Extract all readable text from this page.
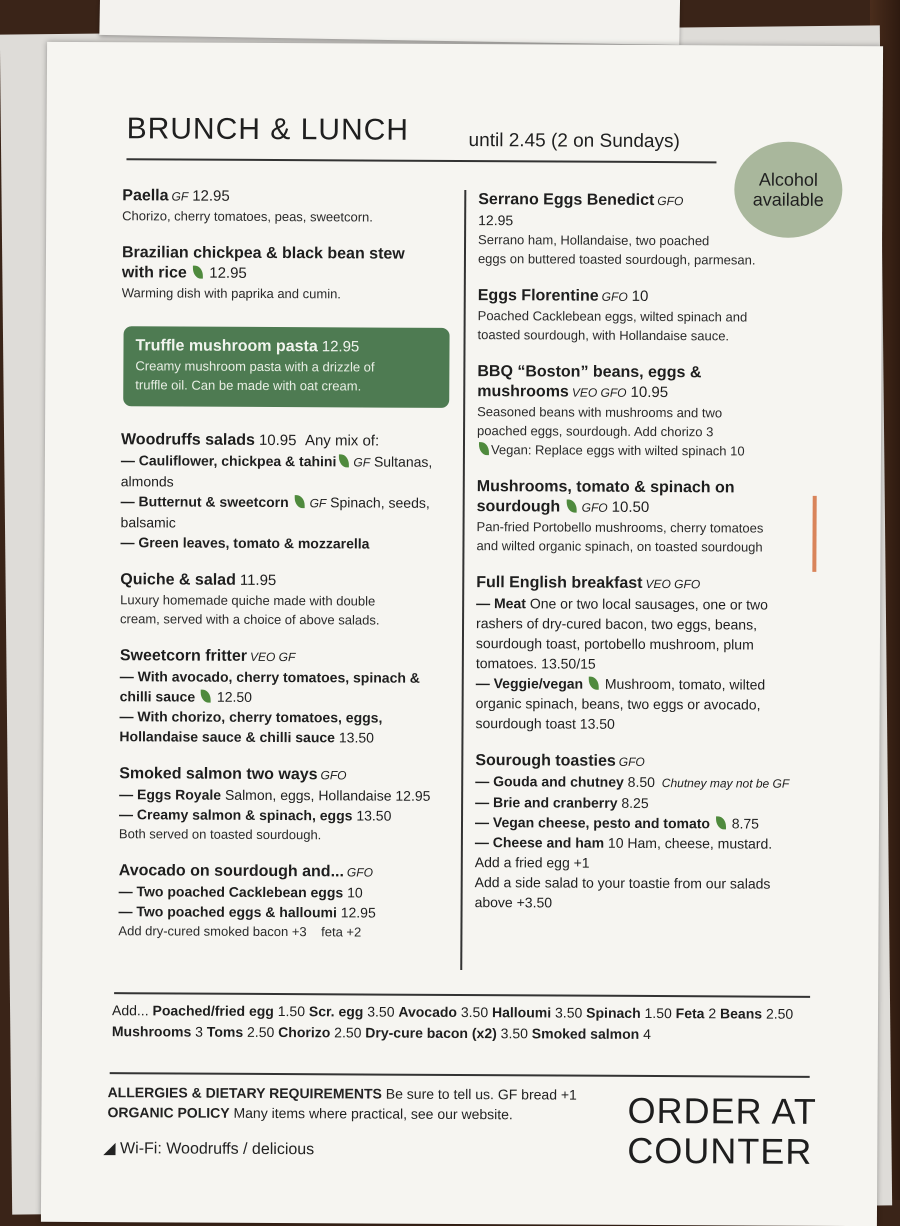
BRUNCH & LUNCH	until 2.45 (2 on Sundays)
Alcohol
available
Paella GF 12.95
Chorizo, cherry tomatoes, peas, sweetcorn.
Brazilian chickpea & black bean stew
with rice 12.95
Warming dish with paprika and cumin.
Truffle mushroom pasta 12.95
Creamy mushroom pasta with a drizzle of
truffle oil. Can be made with oat cream.
Woodruffs salads 10.95 Any mix of:
— Cauliflower, chickpea & tahini GF Sultanas,
almonds
— Butternut & sweetcorn GF Spinach, seeds,
balsamic
— Green leaves, tomato & mozzarella
Quiche & salad 11.95
Luxury homemade quiche made with double
cream, served with a choice of above salads.
Sweetcorn fritter VEO GF
— With avocado, cherry tomatoes, spinach &
chilli sauce 12.50
— With chorizo, cherry tomatoes, eggs,
Hollandaise sauce & chilli sauce 13.50
Smoked salmon two ways GFO
— Eggs Royale Salmon, eggs, Hollandaise 12.95
— Creamy salmon & spinach, eggs 13.50
Both served on toasted sourdough.
Avocado on sourdough and... GFO
— Two poached Cacklebean eggs 10
— Two poached eggs & halloumi 12.95
Add dry-cured smoked bacon +3 feta +2
Serrano Eggs Benedict GFO
12.95
Serrano ham, Hollandaise, two poached
eggs on buttered toasted sourdough, parmesan.
Eggs Florentine GFO 10
Poached Cacklebean eggs, wilted spinach and
toasted sourdough, with Hollandaise sauce.
BBQ “Boston” beans, eggs &
mushrooms VEO GFO 10.95
Seasoned beans with mushrooms and two
poached eggs, sourdough. Add chorizo 3
Vegan: Replace eggs with wilted spinach 10
Mushrooms, tomato & spinach on
sourdough GFO 10.50
Pan-fried Portobello mushrooms, cherry tomatoes
and wilted organic spinach, on toasted sourdough
Full English breakfast VEO GFO
— Meat One or two local sausages, one or two
rashers of dry-cured bacon, two eggs, beans,
sourdough toast, portobello mushroom, plum
tomatoes. 13.50/15
— Veggie/vegan Mushroom, tomato, wilted
organic spinach, beans, two eggs or avocado,
sourdough toast 13.50
Sourough toasties GFO
— Gouda and chutney 8.50 Chutney may not be GF
— Brie and cranberry 8.25
— Vegan cheese, pesto and tomato 8.75
— Cheese and ham 10 Ham, cheese, mustard.
Add a fried egg +1
Add a side salad to your toastie from our salads
above +3.50
Add... Poached/fried egg 1.50 Scr. egg 3.50 Avocado 3.50 Halloumi 3.50 Spinach 1.50 Feta 2 Beans 2.50 Mushrooms 3 Toms 2.50 Chorizo 2.50 Dry-cure bacon (x2) 3.50 Smoked salmon 4
ALLERGIES & DIETARY REQUIREMENTS Be sure to tell us. GF bread +1
ORGANIC POLICY Many items where practical, see our website.	ORDER AT
COUNTER
◢ Wi-Fi: Woodruffs / delicious
